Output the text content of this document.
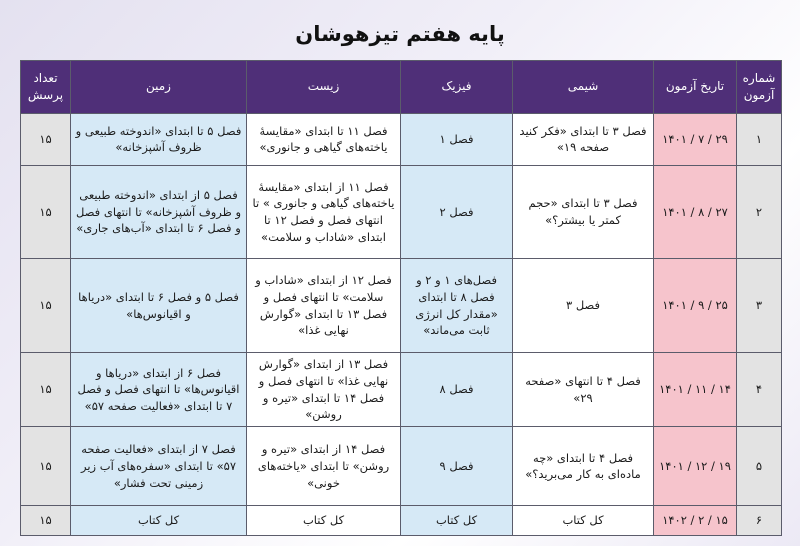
پایه هفتم تیزهوشان
شماره آزمون	تاریخ آزمون	شیمی	فیزیک	زیست	زمین	تعداد پرسش
۱	۱۴۰۱ / ۷ / ۲۹	فصل ۳ تا ابتدای «فکر کنید صفحه ۱۹»	فصل ۱	فصل ۱۱ تا ابتدای «مقایسهٔ یاخته‌های گیاهی و جانوری»	فصل ۵ تا ابتدای «اندوخته طبیعی و ظروف آشپزخانه»	۱۵
۲	۱۴۰۱ / ۸ / ۲۷	فصل ۳ تا ابتدای «حجم کمتر یا بیشتر؟»	فصل ۲	فصل ۱۱ از ابتدای «مقایسهٔ یاخته‌های گیاهی و جانوری » تا انتهای فصل و فصل ۱۲ تا ابتدای «شاداب و سلامت»	فصل ۵ از ابتدای «اندوخته طبیعی و ظروف آشپزخانه» تا انتهای فصل و فصل ۶ تا ابتدای «آب‌های جاری»	۱۵
۳	۱۴۰۱ / ۹ / ۲۵	فصل ۳	فصل‌های ۱ و ۲ و فصل ۸ تا ابتدای «مقدار کل انرژی ثابت می‌ماند»	فصل ۱۲ از ابتدای «شاداب و سلامت» تا انتهای فصل و فصل ۱۳ تا ابتدای «گوارش نهایی غذا»	فصل ۵ و فصل ۶ تا ابتدای «دریاها و اقیانوس‌ها»	۱۵
۴	۱۴۰۱ / ۱۱ / ۱۴	فصل ۴ تا انتهای «صفحه ۲۹»	فصل ۸	فصل ۱۳ از ابتدای «گوارش نهایی غذا» تا انتهای فصل و فصل ۱۴ تا ابتدای «تیره و روشن»	فصل ۶ از ابتدای «دریاها و اقیانوس‌ها» تا انتهای فصل و فصل ۷ تا ابتدای «فعالیت صفحه ۵۷»	۱۵
۵	۱۴۰۱ / ۱۲ / ۱۹	فصل ۴ تا ابتدای «چه ماده‌ای به کار می‌برید؟»	فصل ۹	فصل ۱۴ از ابتدای «تیره و روشن» تا ابتدای «یاخته‌های خونی»	فصل ۷ از ابتدای «فعالیت صفحه ۵۷» تا ابتدای «سفره‌های آب زیر زمینی تحت فشار»	۱۵
۶	۱۴۰۲ / ۲ / ۱۵	کل کتاب	کل کتاب	کل کتاب	کل کتاب	۱۵
